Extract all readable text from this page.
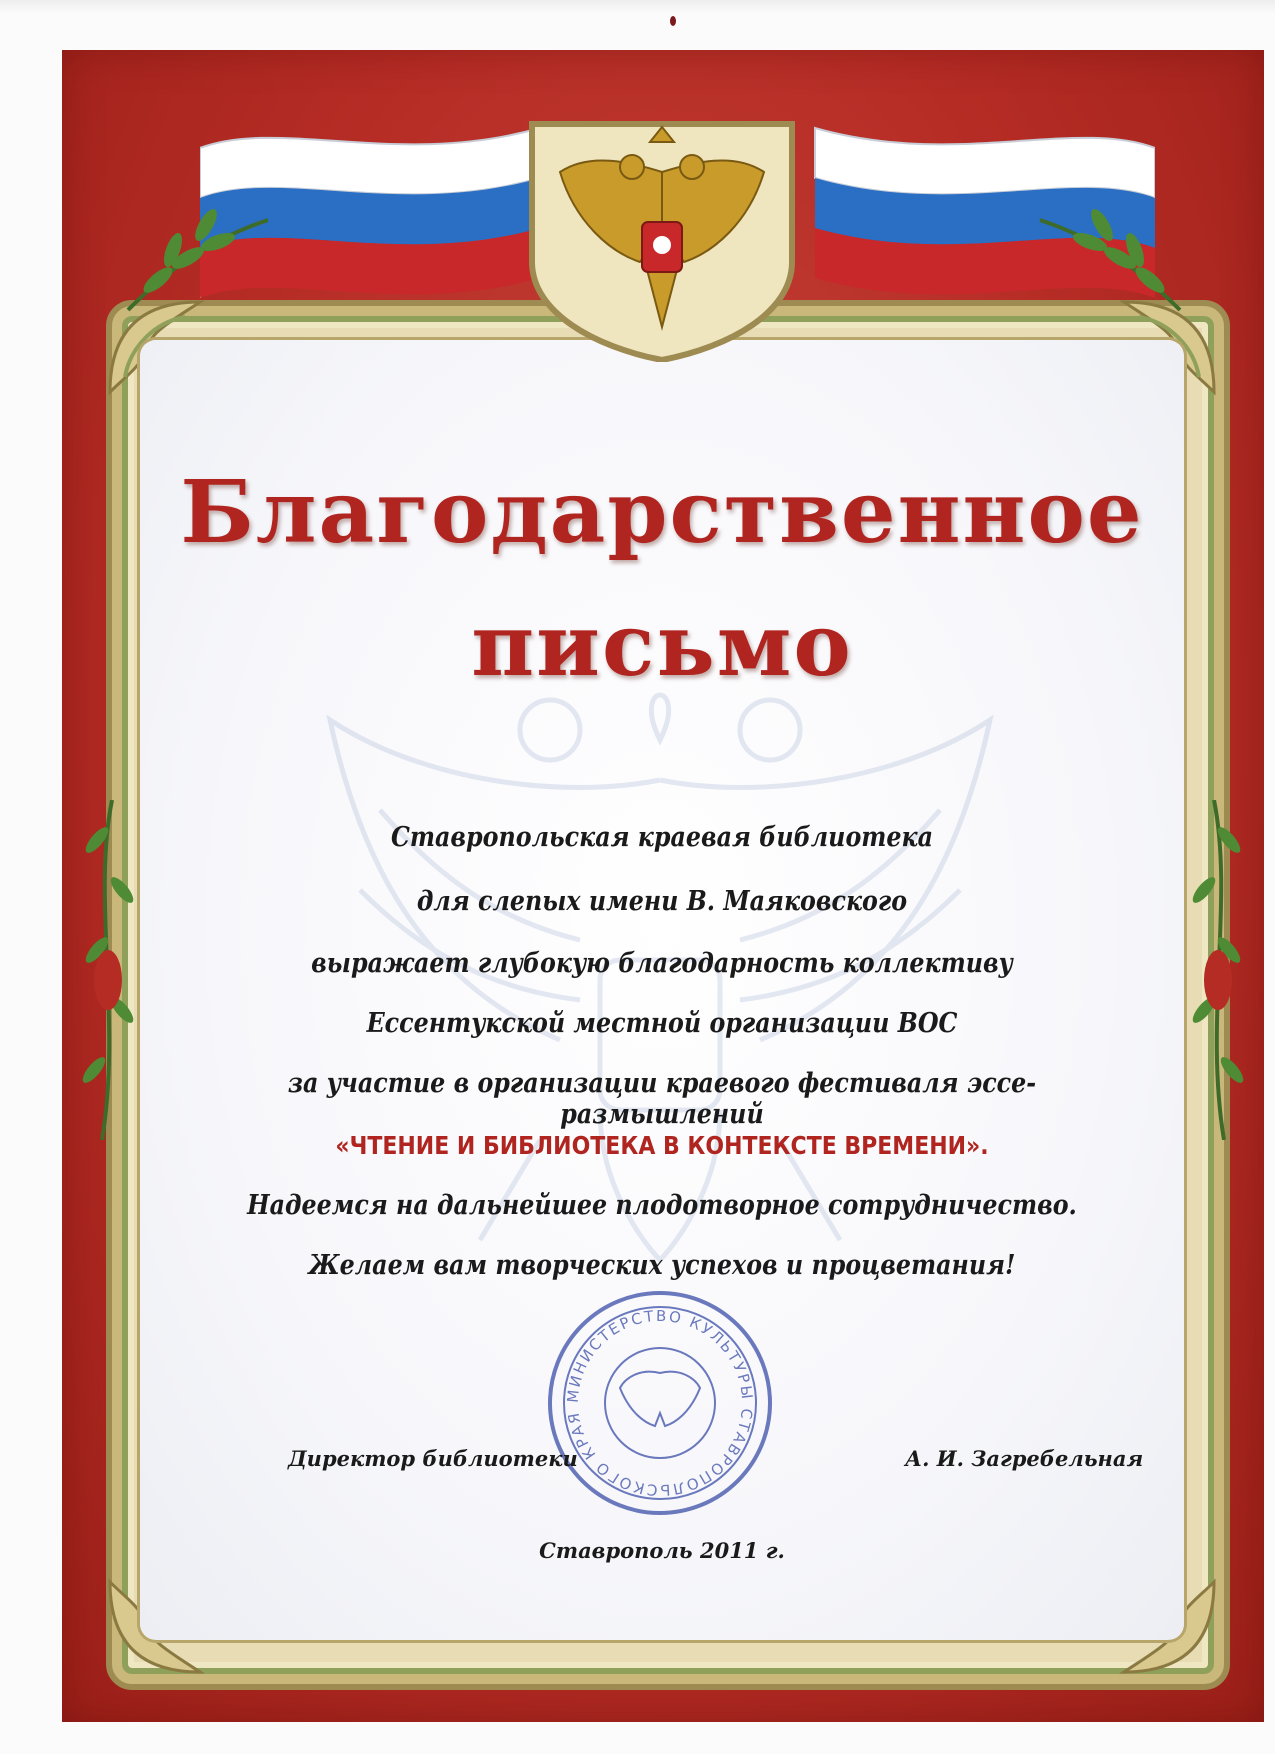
Благодарственное
письмо
Ставропольская краевая библиотека
для слепых имени В. Маяковского
выражает глубокую благодарность коллективу
Ессентукской местной организации ВОС
за участие в организации краевого фестиваля эссе-размышлений
«ЧТЕНИЕ И БИБЛИОТЕКА В КОНТЕКСТЕ ВРЕМЕНИ».
Надеемся на дальнейшее плодотворное сотрудничество.
Желаем вам творческих успехов и процветания!
МИНИСТЕРСТВО КУЛЬТУРЫ СТАВРОПОЛЬСКОГО КРАЯ
Директор библиотеки	А. И. Загребельная
Ставрополь 2011 г.
